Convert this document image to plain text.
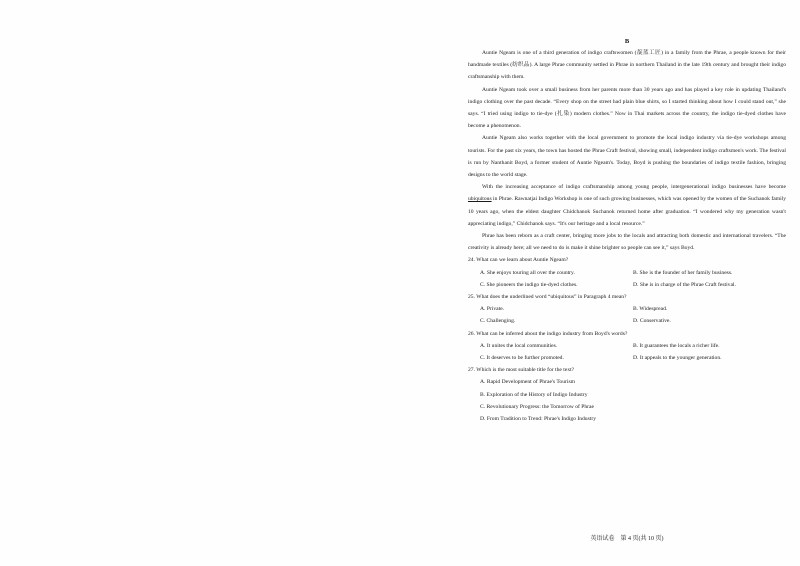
B

Auntie Ngeam is one of a third generation of indigo craftswomen (靛蓝工匠) in a family from the Phrae, a people known for their handmade textiles (纺织品). A large Phrae community settled in Phrae in northern Thailand in the late 19th century and brought their indigo craftsmanship with them.

Auntie Ngeam took over a small business from her parents more than 30 years ago and has played a key role in updating Thailand's indigo clothing over the past decade. “Every shop on the street had plain blue shirts, so I started thinking about how I could stand out,” she says. “I tried using indigo to tie-dye (扎染) modern clothes.” Now in Thai markets across the country, the indigo tie-dyed clothes have become a phenomenon.

Auntie Ngeam also works together with the local government to promote the local indigo industry via tie-dye workshops among tourists. For the past six years, the town has hosted the Phrae Craft festival, showing small, independent indigo craftsmen's work. The festival is run by Nanthanit Boyd, a former student of Auntie Ngeam's. Today, Boyd is pushing the boundaries of indigo textile fashion, bringing designs to the world stage.

With the increasing acceptance of indigo craftsmanship among young people, intergenerational indigo businesses have become ubiquitous in Phrae. Rawnatjai Indigo Workshop is one of such growing businesses, which was opened by the women of the Suchanok family 10 years ago, when the eldest daughter Chidchanok Suchanok returned home after graduation. “I wondered why my generation wasn't appreciating indigo,” Chidchanok says. “It's our heritage and a local resource.”

Phrae has been reborn as a craft center, bringing more jobs to the locals and attracting both domestic and international travelers. “The creativity is already here; all we need to do is make it shine brighter so people can see it,” says Boyd.

24. What can we learn about Auntie Ngeam?

A. She enjoys touring all over the country.	B. She is the founder of her family business.
C. She pioneers the indigo tie-dyed clothes.	D. She is in charge of the Phrae Craft festival.

25. What does the underlined word “ubiquitous” in Paragraph 4 mean?

A. Private.	B. Widespread.
C. Challenging.	D. Conservative.

26. What can be inferred about the indigo industry from Boyd's words?

A. It unites the local communities.	B. It guarantees the locals a richer life.
C. It deserves to be further promoted.	D. It appeals to the younger generation.

27. Which is the most suitable title for the text?

A. Rapid Development of Phrae's Tourism
B. Exploration of the History of Indigo Industry
C. Revolutionary Progress: the Tomorrow of Phrae
D. From Tradition to Trend: Phrae's Indigo Industry
英语试卷　第 4 页(共 10 页)
